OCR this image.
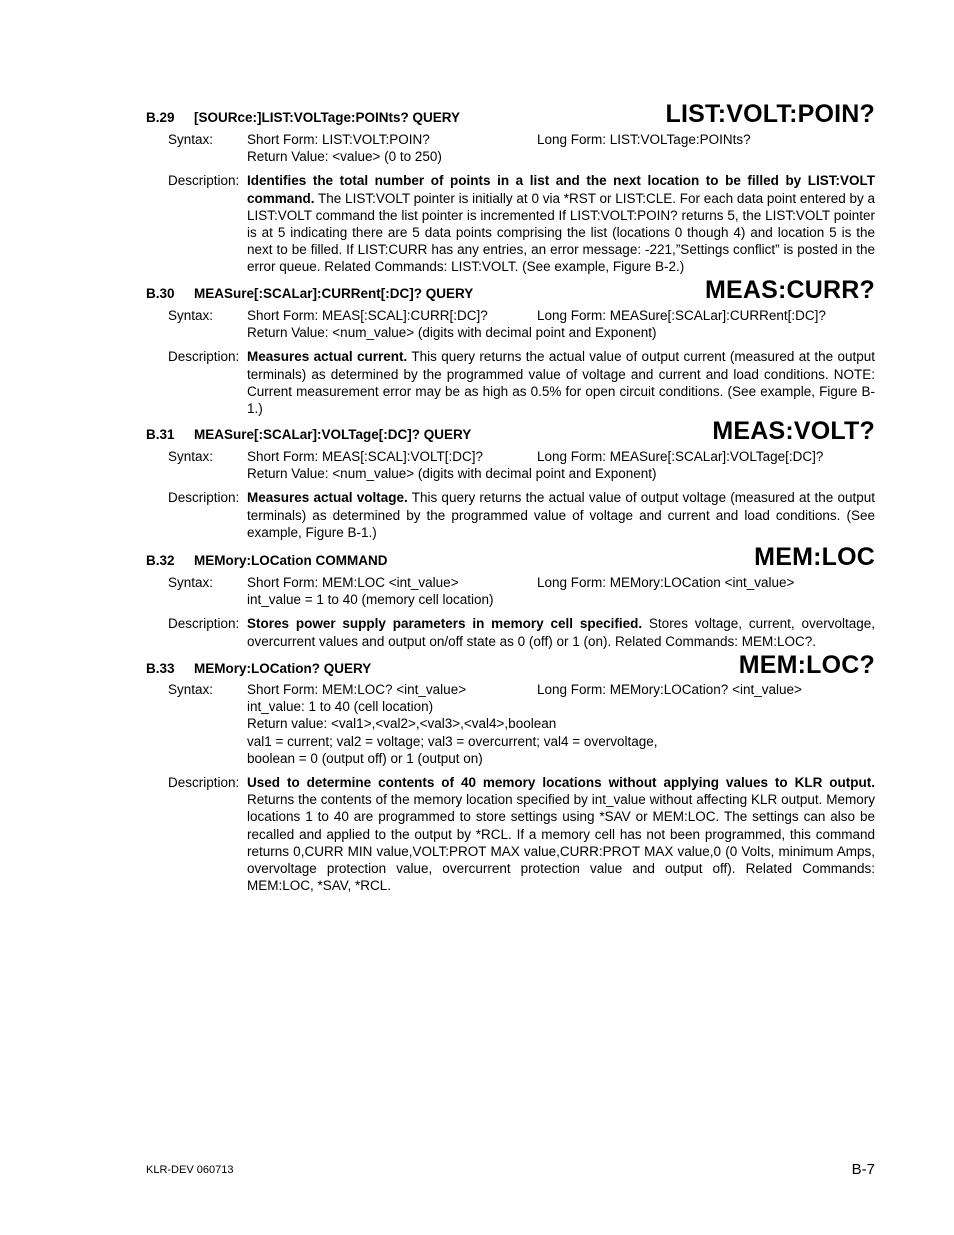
B.29 [SOURce:]LIST:VOLTage:POINts? QUERY	LIST:VOLT:POIN?
Syntax:	Short Form: LIST:VOLT:POIN?	Long Form: LIST:VOLTage:POINts?
Return Value: <value> (0 to 250)
Description: Identifies the total number of points in a list and the next location to be filled by LIST:VOLT command. The LIST:VOLT pointer is initially at 0 via *RST or LIST:CLE. For each data point entered by a LIST:VOLT command the list pointer is incremented If LIST:VOLT:POIN? returns 5, the LIST:VOLT pointer is at 5 indicating there are 5 data points comprising the list (locations 0 though 4) and location 5 is the next to be filled. If LIST:CURR has any entries, an error message: -221,”Settings conflict” is posted in the error queue. Related Commands: LIST:VOLT. (See example, Figure B-2.)
B.30 MEASure[:SCALar]:CURRent[:DC]? QUERY	MEAS:CURR?
Syntax:	Short Form: MEAS[:SCAL]:CURR[:DC]?	Long Form: MEASure[:SCALar]:CURRent[:DC]?
Return Value: <num_value> (digits with decimal point and Exponent)
Description: Measures actual current. This query returns the actual value of output current (measured at the output terminals) as determined by the programmed value of voltage and current and load conditions. NOTE: Current measurement error may be as high as 0.5% for open circuit conditions. (See example, Figure B-1.)
B.31 MEASure[:SCALar]:VOLTage[:DC]? QUERY	MEAS:VOLT?
Syntax:	Short Form: MEAS[:SCAL]:VOLT[:DC]?	Long Form: MEASure[:SCALar]:VOLTage[:DC]?
Return Value: <num_value> (digits with decimal point and Exponent)
Description: Measures actual voltage. This query returns the actual value of output voltage (measured at the output terminals) as determined by the programmed value of voltage and current and load conditions. (See example, Figure B-1.)
B.32 MEMory:LOCation COMMAND	MEM:LOC
Syntax:	Short Form: MEM:LOC <int_value>	Long Form: MEMory:LOCation <int_value>
int_value = 1 to 40 (memory cell location)
Description: Stores power supply parameters in memory cell specified. Stores voltage, current, overvoltage, overcurrent values and output on/off state as 0 (off) or 1 (on). Related Commands: MEM:LOC?.
B.33 MEMory:LOCation? QUERY	MEM:LOC?
Syntax:	Short Form: MEM:LOC? <int_value>	Long Form: MEMory:LOCation? <int_value>
int_value: 1 to 40 (cell location)
Return value: <val1>,<val2>,<val3>,<val4>,boolean
val1 = current; val2 = voltage; val3 = overcurrent; val4 = overvoltage,
boolean = 0 (output off) or 1 (output on)
Description: Used to determine contents of 40 memory locations without applying values to KLR output. Returns the contents of the memory location specified by int_value without affecting KLR output. Memory locations 1 to 40 are programmed to store settings using *SAV or MEM:LOC. The settings can also be recalled and applied to the output by *RCL. If a memory cell has not been programmed, this command returns 0,CURR MIN value,VOLT:PROT MAX value,CURR:PROT MAX value,0 (0 Volts, minimum Amps, overvoltage protection value, overcurrent protection value and output off). Related Commands: MEM:LOC, *SAV, *RCL.
KLR-DEV 060713	B-7
